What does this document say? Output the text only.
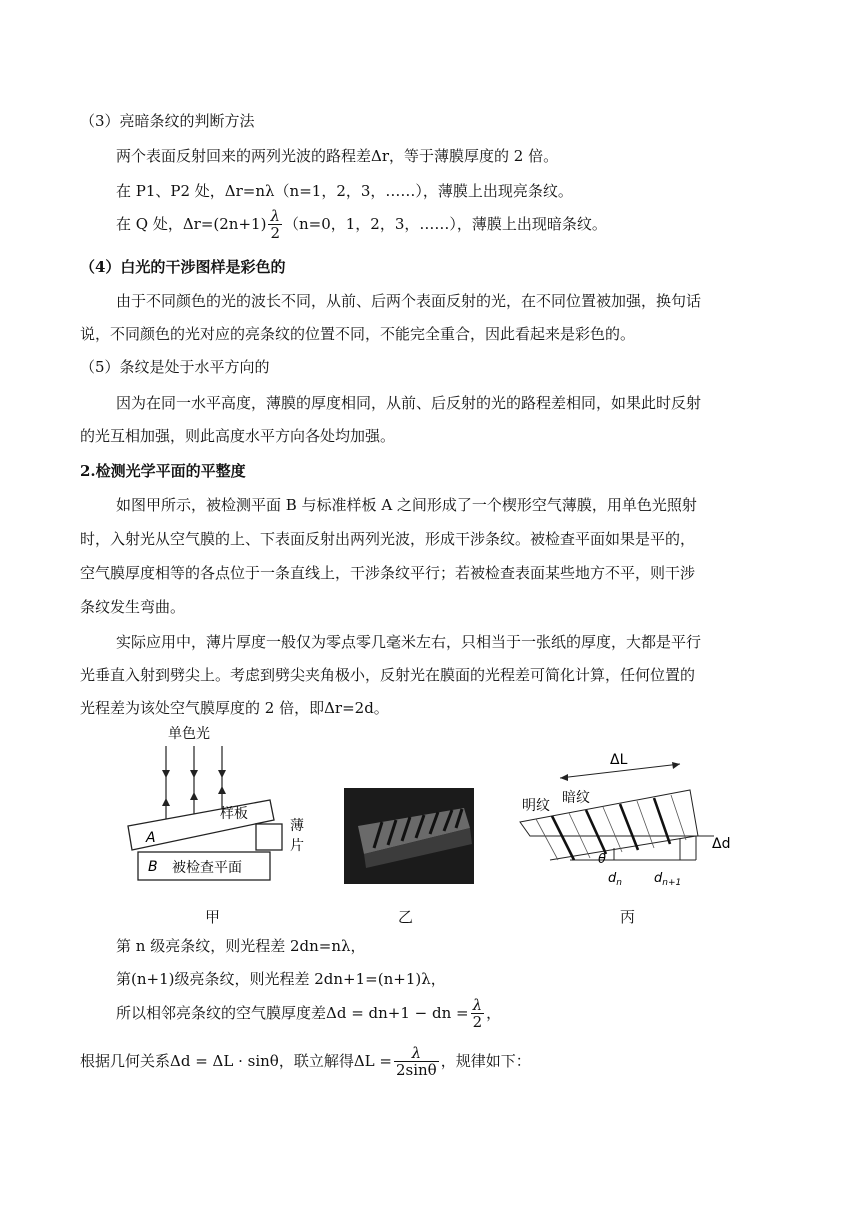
（3）亮暗条纹的判断方法
两个表面反射回来的两列光波的路程差Δr，等于薄膜厚度的 2 倍。
在 P1、P2 处，Δr=nλ（n=1，2，3，……），薄膜上出现亮条纹。
在 Q 处，$\Delta r=(2n+1) \frac{\lambda}{2} (n=0$，1，2，3，……），薄膜上出现暗条纹。
（4）白光的干涉图样是彩色的
由于不同颜色的光的波长不同，从前、后两个表面反射的光，在不同位置被加强，换句话
说，不同颜色的光对应的亮条纹的位置不同，不能完全重合，因此看起来是彩色的。
（5）条纹是处于水平方向的
因为在同一水平高度，薄膜的厚度相同，从前、后反射的光的路程差相同，如果此时反射
的光互相加强，则此高度水平方向各处均加强。
2.检测光学平面的平整度
如图甲所示，被检测平面 B 与标准样板 A 之间形成了一个楔形空气薄膜，用单色光照射
时，入射光从空气膜的上、下表面反射出两列光波，形成干涉条纹。被检查平面如果是平的，
空气膜厚度相等的各点位于一条直线上，干涉条纹平行；若被检查表面某些地方不平，则干涉
条纹发生弯曲。
实际应用中，薄片厚度一般仅为零点零几毫米左右，只相当于一张纸的厚度，大都是平行
光垂直入射到劈尖上。考虑到劈尖夹角极小，反射光在膜面的光程差可简化计算，任何位置的
光程差为该处空气膜厚度的 2 倍，即Δr=2d。
单色光
样板
A
薄
片
B 被检查平面
甲	乙
ΔL
明纹 暗纹
θ
Δd
$d_n$ $d_{n+1}$
丙
第 n 级亮条纹，则光程差 2dn=nλ，
第(n+1)级亮条纹，则光程差 2dn+1=(n+1)λ，
所以相邻亮条纹的空气膜厚度差Δd = dn+1 − dn = $\frac{\lambda}{2}$ ，
根据几何关系Δd = ΔL · sinθ，联立解得$\Delta L = \frac{\lambda}{2\sin\theta}$ ，规律如下：
